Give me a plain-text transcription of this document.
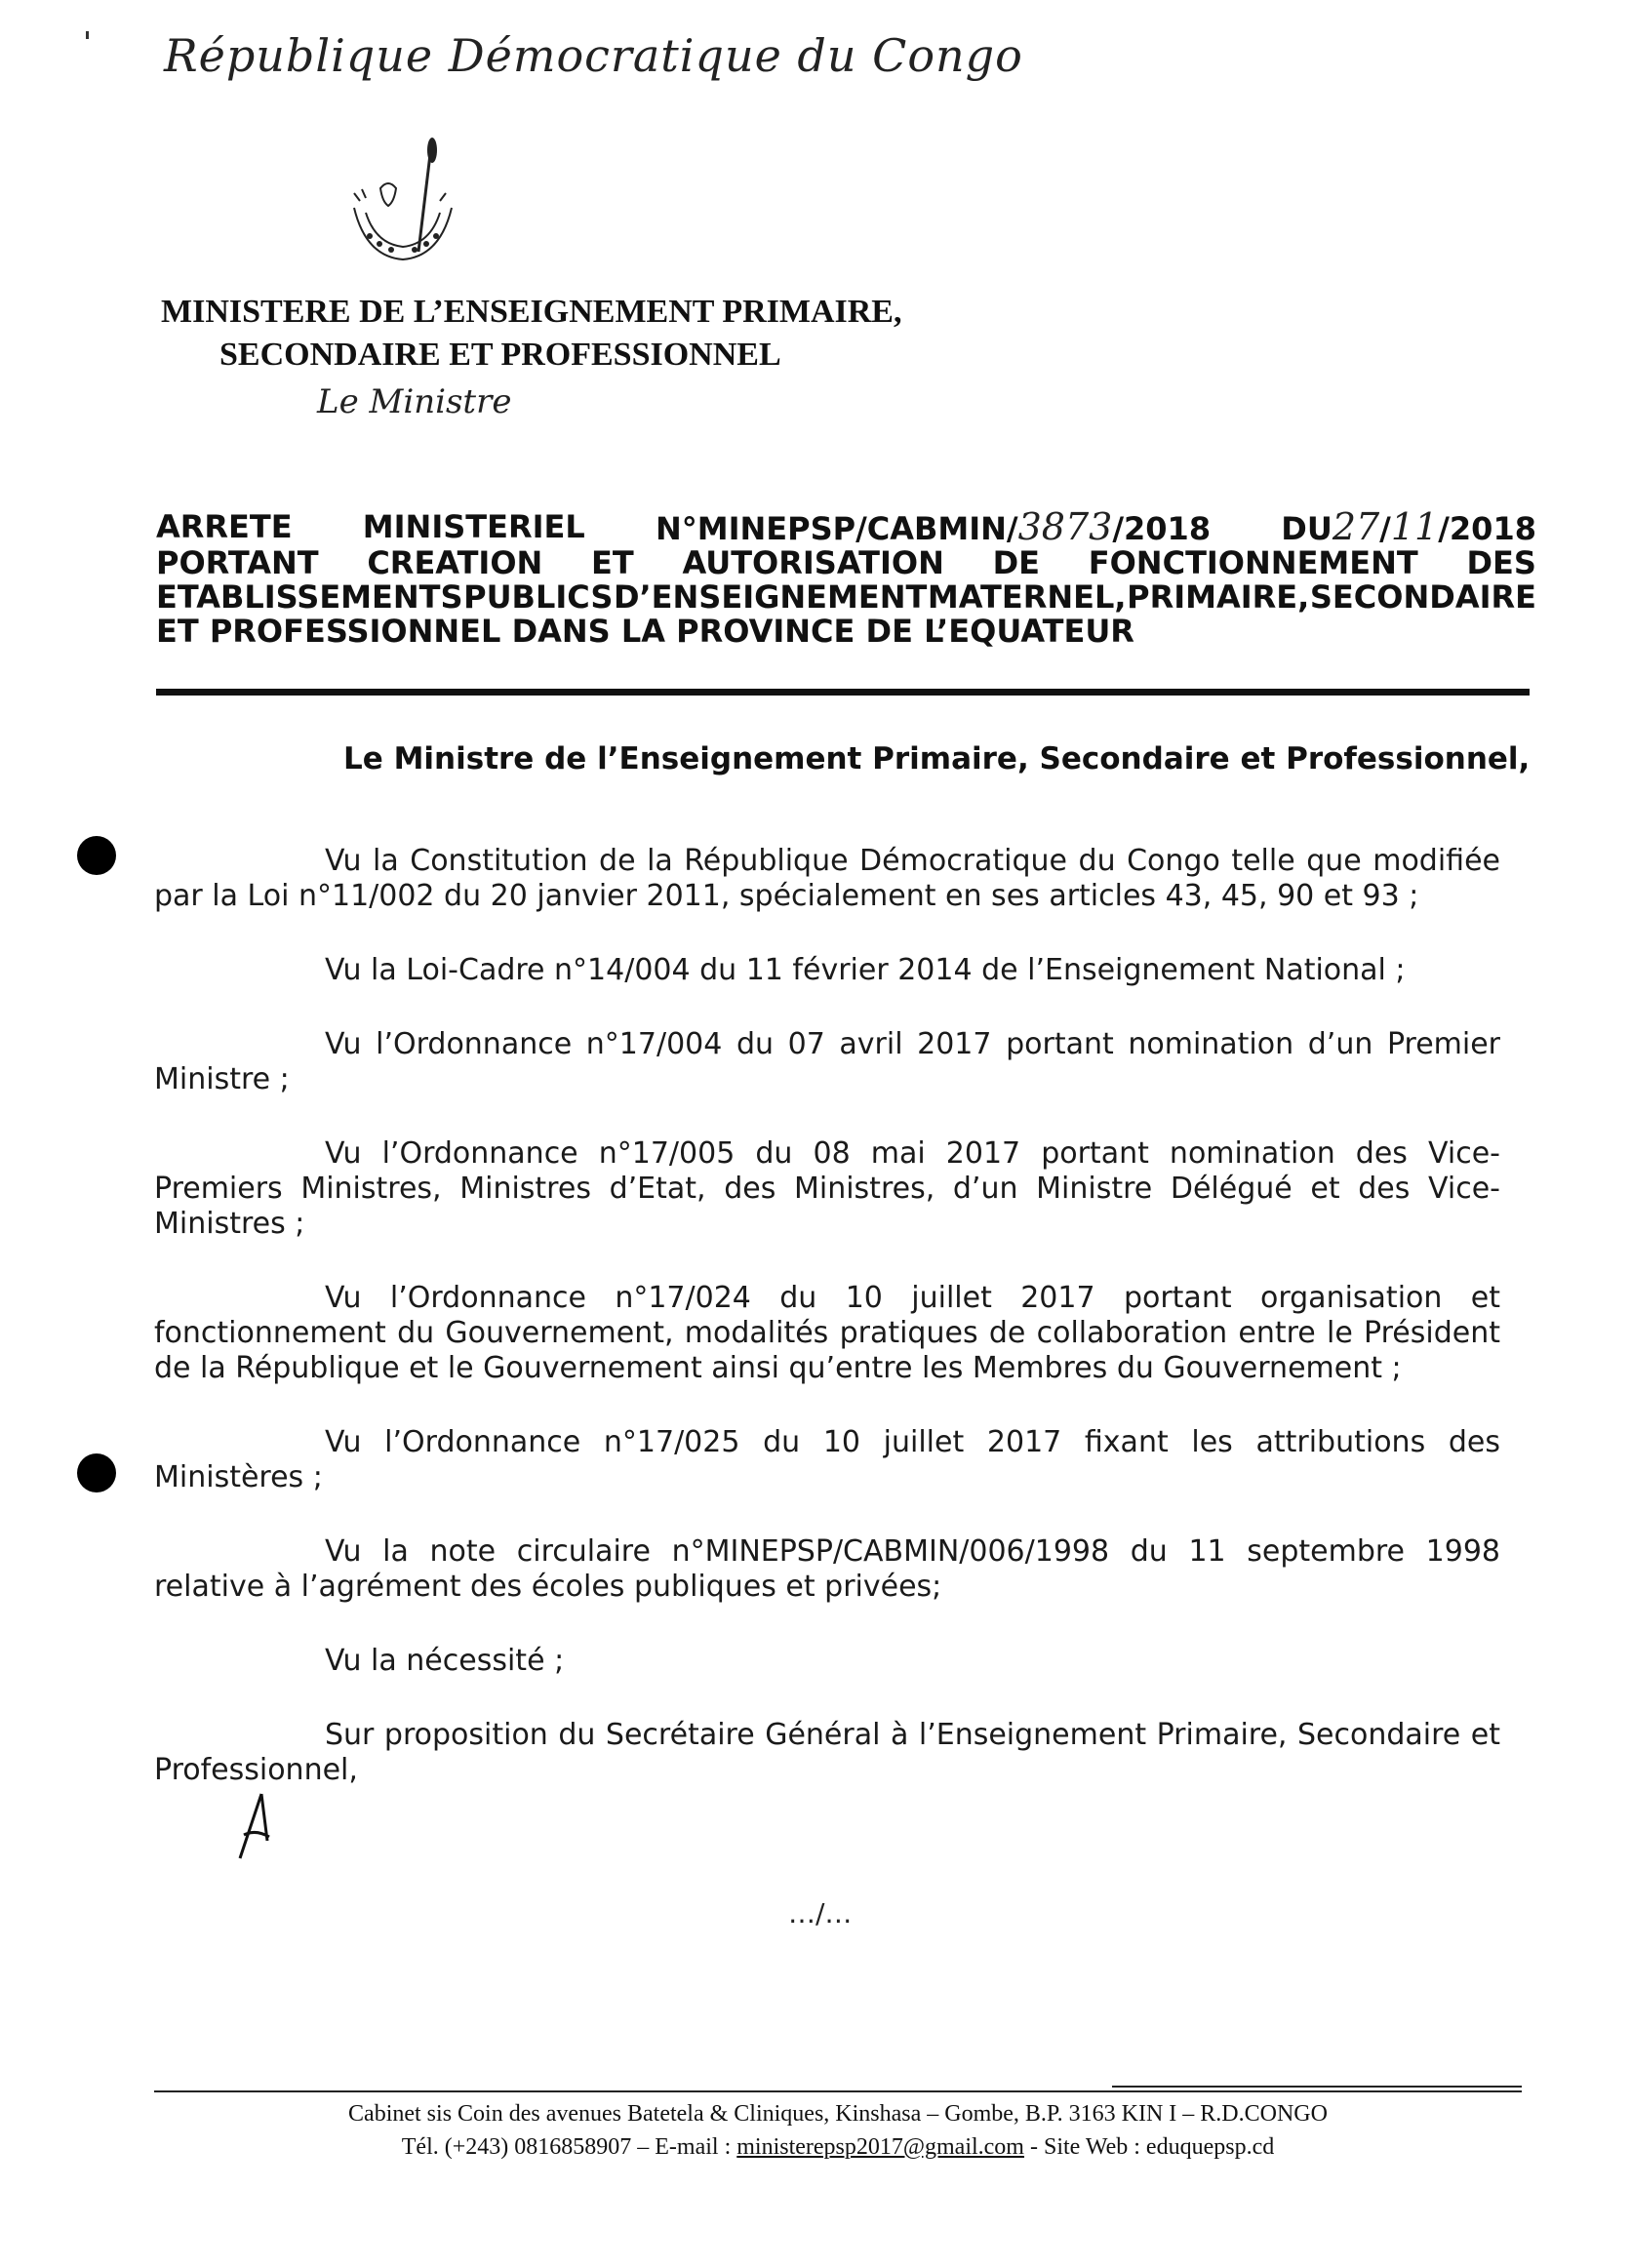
République Démocratique du Congo
MINISTERE DE L’ENSEIGNEMENT PRIMAIRE,
SECONDAIRE ET PROFESSIONNEL
Le Ministre
ARRETE MINISTERIEL N°MINEPSP/CABMIN/3873/2018 DU27/11/2018
PORTANT CREATION ET AUTORISATION DE FONCTIONNEMENT DES
ETABLISSEMENTS PUBLICS D’ENSEIGNEMENT MATERNEL, PRIMAIRE, SECONDAIRE
ET PROFESSIONNEL DANS LA PROVINCE DE L’EQUATEUR
Le Ministre de l’Enseignement Primaire, Secondaire et Professionnel,

Vu la Constitution de la République Démocratique du Congo telle que modifiée par la Loi n°11/002 du 20 janvier 2011, spécialement en ses articles 43, 45, 90 et 93 ;

Vu la Loi-Cadre n°14/004 du 11 février 2014 de l’Enseignement National ;

Vu l’Ordonnance n°17/004 du 07 avril 2017 portant nomination d’un Premier Ministre ;

Vu l’Ordonnance n°17/005 du 08 mai 2017 portant nomination des Vice-Premiers Ministres, Ministres d’Etat, des Ministres, d’un Ministre Délégué et des Vice-Ministres ;

Vu l’Ordonnance n°17/024 du 10 juillet 2017 portant organisation et fonctionnement du Gouvernement, modalités pratiques de collaboration entre le Président de la République et le Gouvernement ainsi qu’entre les Membres du Gouvernement ;

Vu l’Ordonnance n°17/025 du 10 juillet 2017 fixant les attributions des Ministères ;

Vu la note circulaire n°MINEPSP/CABMIN/006/1998 du 11 septembre 1998 relative à l’agrément des écoles publiques et privées;

Vu la nécessité ;

Sur proposition du Secrétaire Général à l’Enseignement Primaire, Secondaire et Professionnel,

…/…
Cabinet sis Coin des avenues Batetela & Cliniques, Kinshasa – Gombe, B.P. 3163 KIN I – R.D.CONGO
Tél. (+243) 0816858907 – E-mail : ministerepsp2017@gmail.com - Site Web : eduquepsp.cd
